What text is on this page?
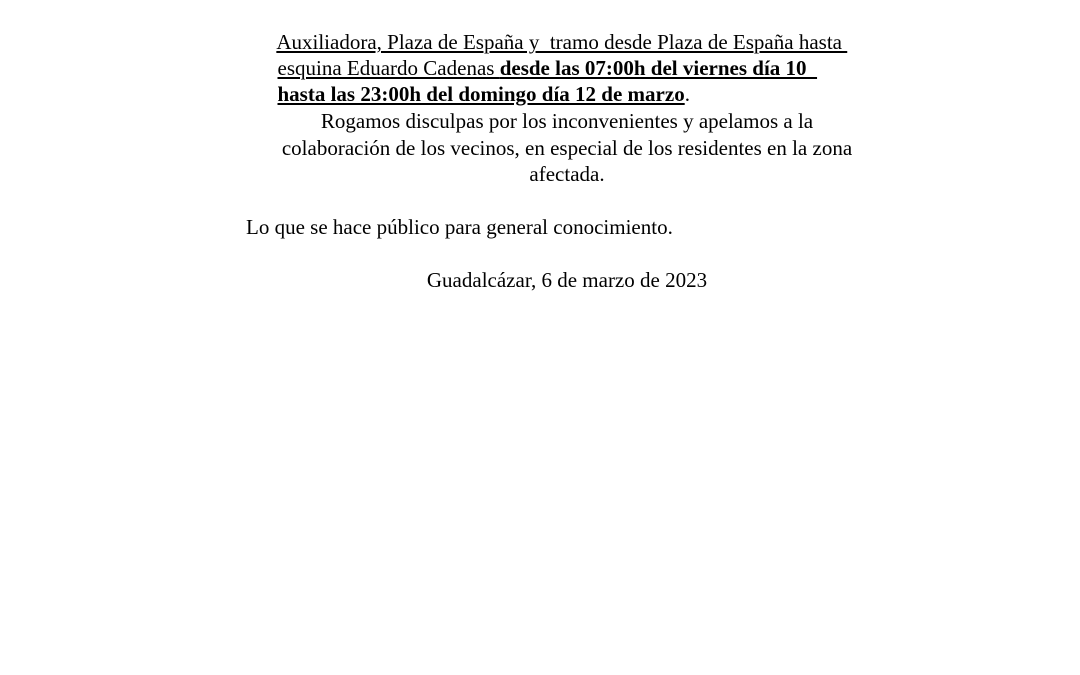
Auxiliadora, Plaza de España y  tramo desde Plaza de España hasta

esquina Eduardo Cadenas desde las 07:00h del viernes día 10

hasta las 23:00h del domingo día 12 de marzo.

Rogamos disculpas por los inconvenientes y apelamos a la
colaboración de los vecinos, en especial de los residentes en la zona
afectada.
Lo que se hace público para general conocimiento.
Guadalcázar, 6 de marzo de 2023
